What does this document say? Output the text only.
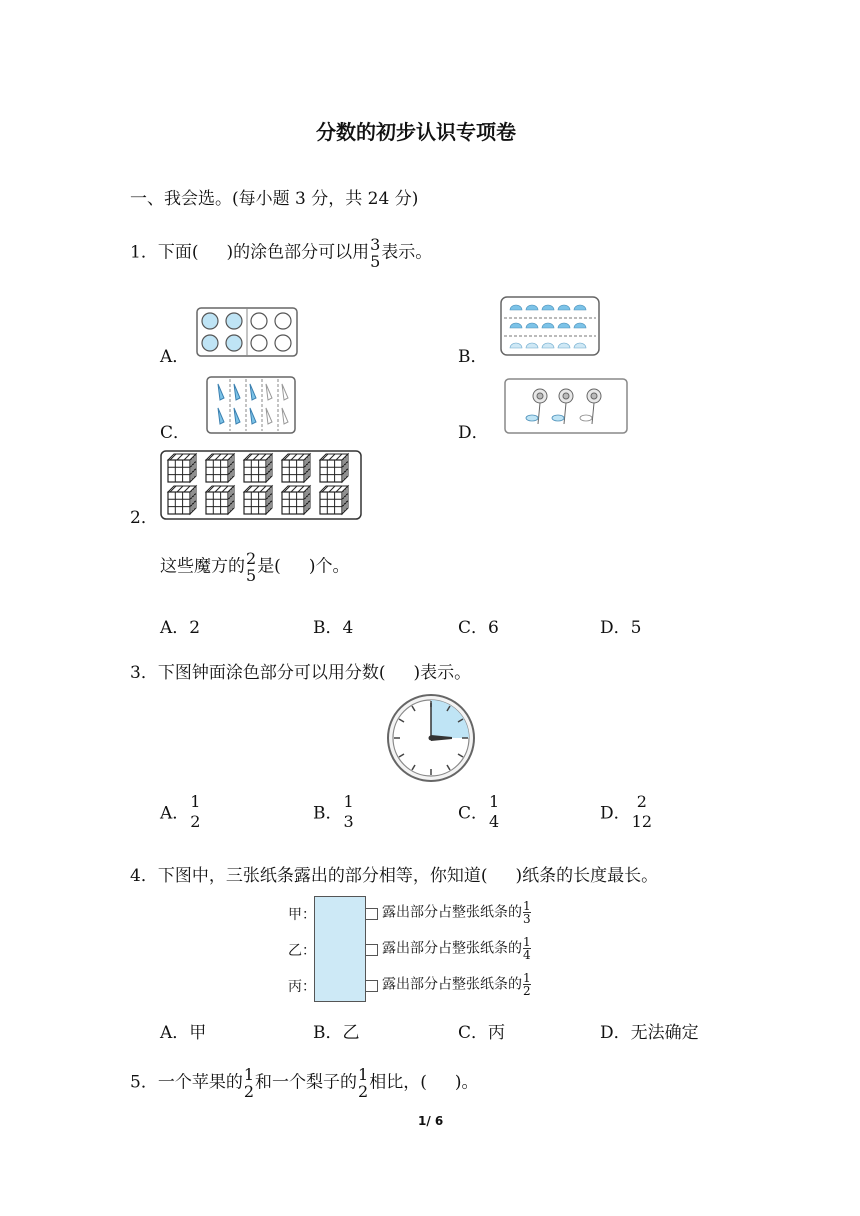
分数的初步认识专项卷
一、我会选。(每小题 3 分，共 24 分)
1．下面( )的涂色部分可以用 3
5 表示。
A．	B．
C．	D．
2．
这些魔方的 2
5 是( )个。
A．2	B．4	C．6	D．5
3．下图钟面涂色部分可以用分数( )表示。
A．
1
2	B．
1
3	C．
1
4	D．
2
12
4．下图中，三张纸条露出的部分相等，你知道( )纸条的长度最长。
甲：
乙：
丙：
露出部分占整张纸条的 $\frac{1}{3}$
露出部分占整张纸条的 $\frac{1}{4}$
露出部分占整张纸条的 $\frac{1}{2}$
A．甲	B．乙	C．丙	D．无法确定
5．一个苹果的 1
2 和一个梨子的 1
2 相比，( )。
1/ 6
